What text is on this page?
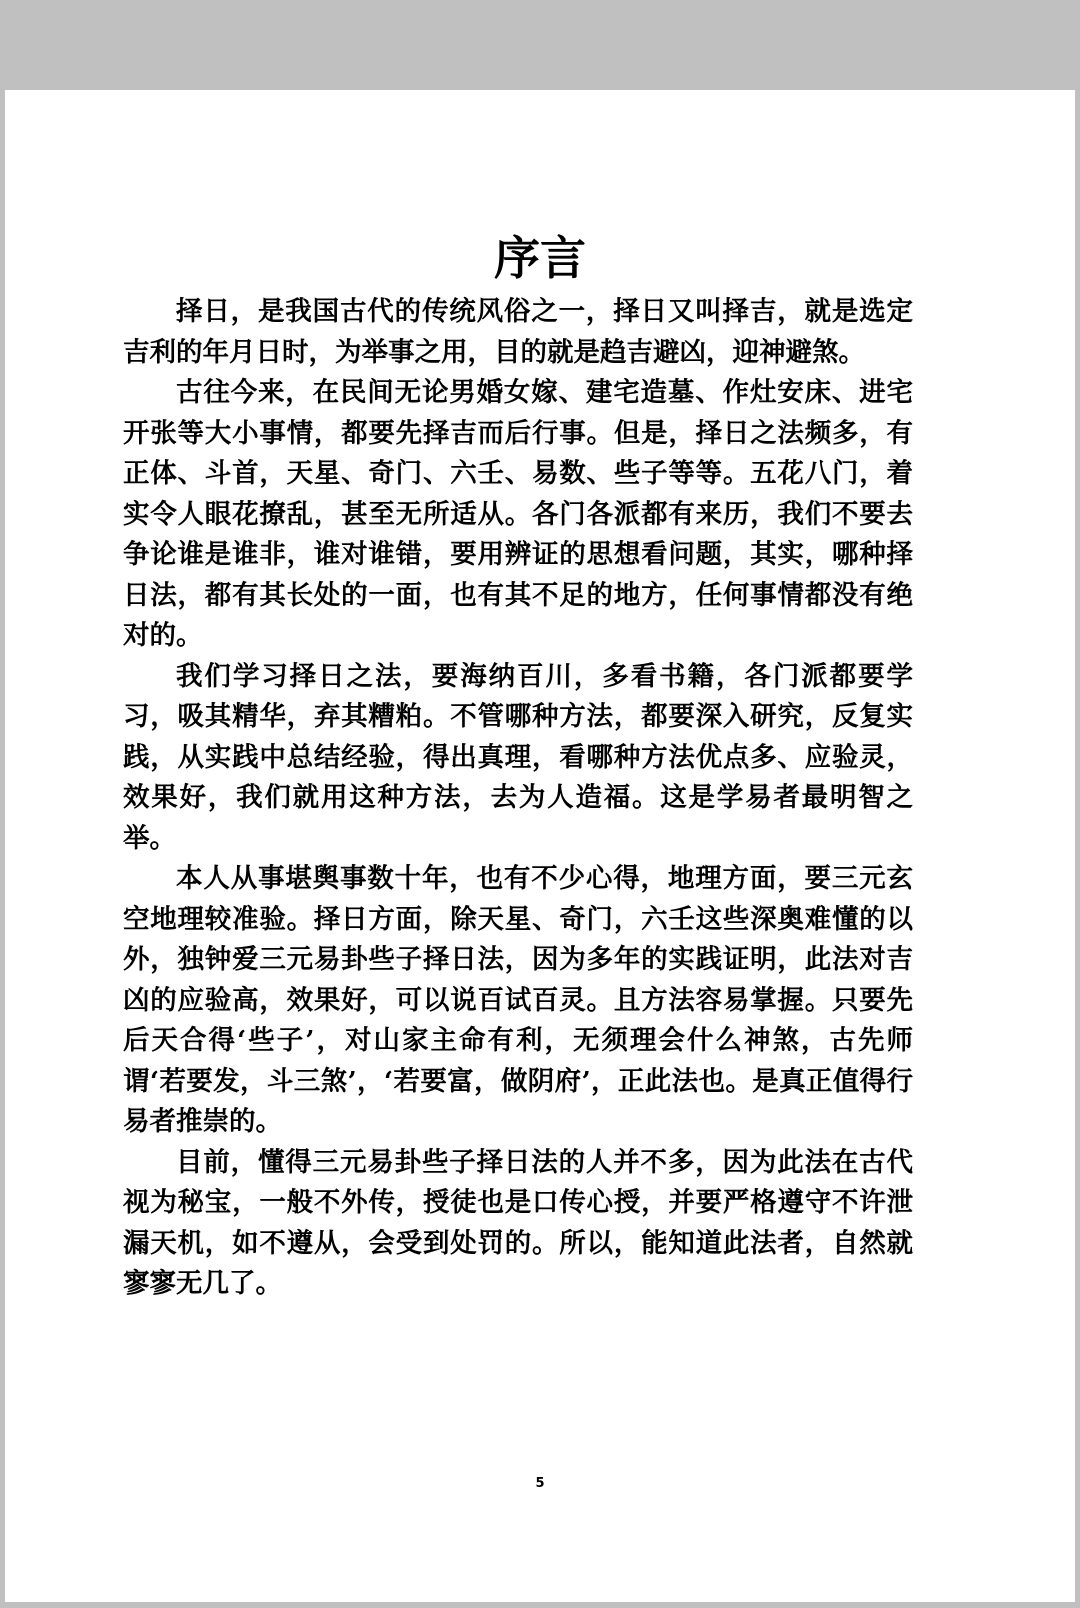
序言

择日，是我国古代的传统风俗之一，择日又叫择吉，就是选定吉利的年月日时，为举事之用，目的就是趋吉避凶，迎神避煞。

古往今来，在民间无论男婚女嫁、建宅造墓、作灶安床、进宅开张等大小事情，都要先择吉而后行事。但是，择日之法频多，有正体、斗首，天星、奇门、六壬、易数、些子等等。五花八门，着实令人眼花撩乱，甚至无所适从。各门各派都有来历，我们不要去争论谁是谁非，谁对谁错，要用辨证的思想看问题，其实，哪种择日法，都有其长处的一面，也有其不足的地方，任何事情都没有绝对的。

我们学习择日之法，要海纳百川，多看书籍，各门派都要学习，吸其精华，弃其糟粕。不管哪种方法，都要深入研究，反复实践，从实践中总结经验，得出真理，看哪种方法优点多、应验灵，效果好，我们就用这种方法，去为人造福。这是学易者最明智之举。

本人从事堪舆事数十年，也有不少心得，地理方面，要三元玄空地理较准验。择日方面，除天星、奇门，六壬这些深奥难懂的以外，独钟爱三元易卦些子择日法，因为多年的实践证明，此法对吉凶的应验高，效果好，可以说百试百灵。且方法容易掌握。只要先后天合得‘些子’，对山家主命有利，无须理会什么神煞，古先师谓‘若要发，斗三煞’，‘若要富，做阴府’，正此法也。是真正值得行易者推崇的。

目前，懂得三元易卦些子择日法的人并不多，因为此法在古代视为秘宝，一般不外传，授徒也是口传心授，并要严格遵守不许泄漏天机，如不遵从，会受到处罚的。所以，能知道此法者，自然就寥寥无几了。

5
